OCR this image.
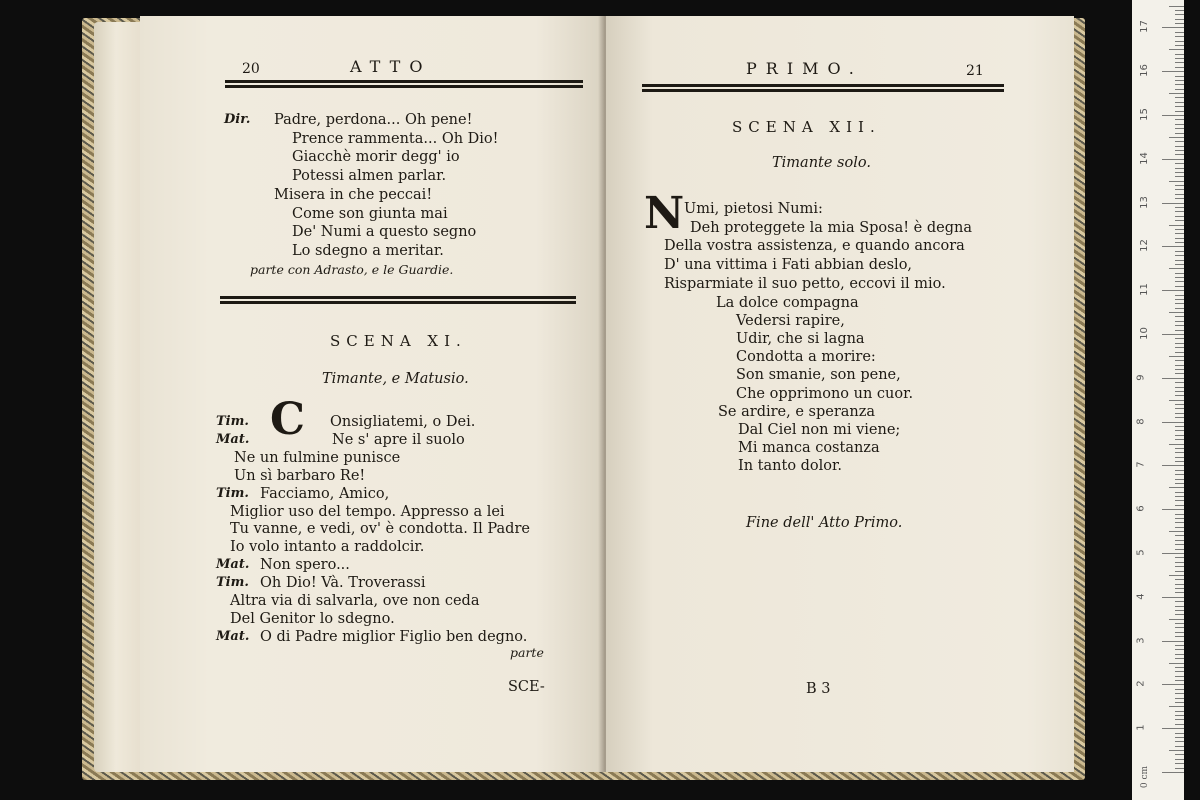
20	ATTO
Dir. Padre, perdona... Oh pene!
Prence rammenta... Oh Dio!
Giacchè morir degg' io
Potessi almen parlar.
Misera in che peccai!
Come son giunta mai
De' Numi a questo segno
Lo sdegno a meritar.
parte con Adrasto, e le Guardie.
SCENA XI.
Timante, e Matusio.
C
Tim.	Onsigliatemi, o Dei.
Mat.	Ne s' apre il suolo
Ne un fulmine punisce
Un sì barbaro Re!
Tim. Facciamo, Amico,
Miglior uso del tempo. Appresso a lei
Tu vanne, e vedi, ov' è condotta. Il Padre
Io volo intanto a raddolcir.
Mat. Non spero...
Tim. Oh Dio! Và. Troverassi
Altra via di salvarla, ove non ceda
Del Genitor lo sdegno.
Mat. O di Padre miglior Figlio ben degno.
parte
SCE-
PRIMO.	21
SCENA XII.
Timante solo.
N Umi, pietosi Numi:
Deh proteggete la mia Sposa! è degna
Della vostra assistenza, e quando ancora
D' una vittima i Fati abbian deslo,
Risparmiate il suo petto, eccovi il mio.
La dolce compagna
Vedersi rapire,
Udir, che si lagna
Condotta a morire:
Son smanie, son pene,
Che opprimono un cuor.
Se ardire, e speranza
Dal Ciel non mi viene;
Mi manca costanza
In tanto dolor.
Fine dell' Atto Primo.
B 3
0 cm
1
2
3
4
5
6
7
8
9
10
11
12
13
14
15
16
17
